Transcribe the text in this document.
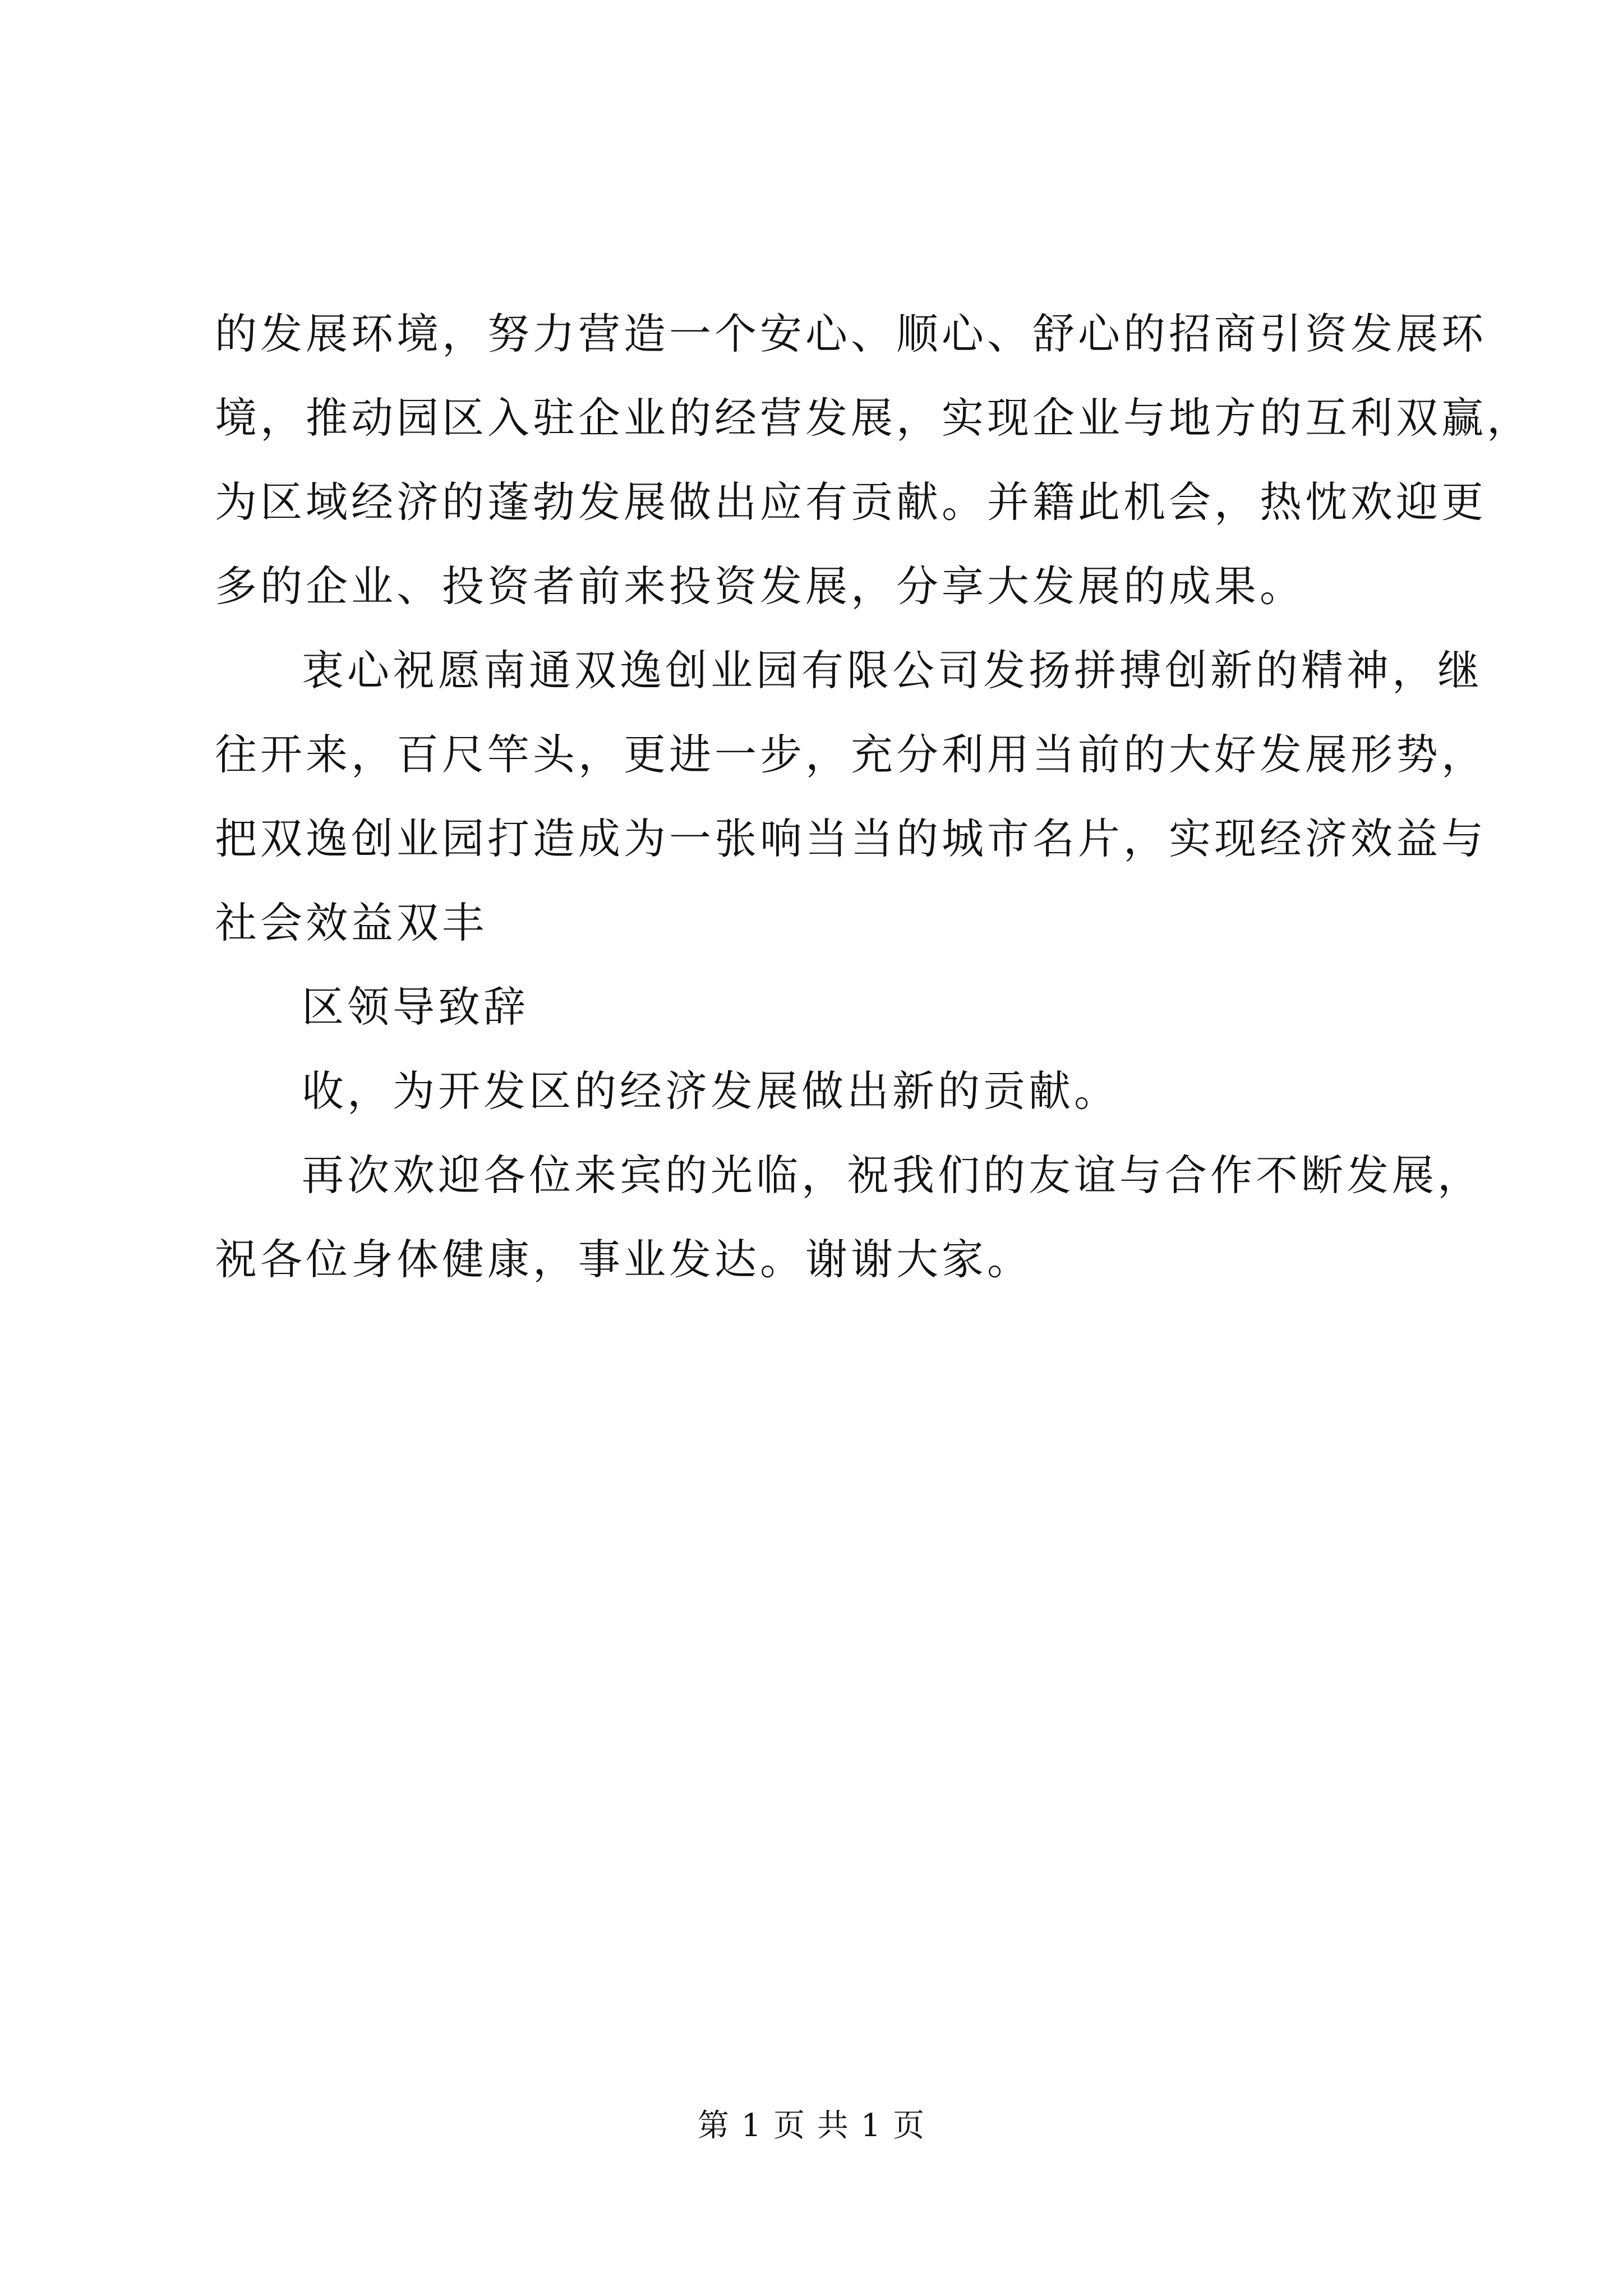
的发展环境，努力营造一个安心、顺心、舒心的招商引资发展环
境，推动园区入驻企业的经营发展，实现企业与地方的互利双赢，
为区域经济的蓬勃发展做出应有贡献。并籍此机会，热忱欢迎更
多的企业、投资者前来投资发展，分享大发展的成果。
衷心祝愿南通双逸创业园有限公司发扬拼搏创新的精神，继
往开来，百尺竿头，更进一步，充分利用当前的大好发展形势，
把双逸创业园打造成为一张响当当的城市名片，实现经济效益与
社会效益双丰
区领导致辞
收，为开发区的经济发展做出新的贡献。
再次欢迎各位来宾的光临，祝我们的友谊与合作不断发展，
祝各位身体健康，事业发达。谢谢大家。
第 1 页 共 1 页
